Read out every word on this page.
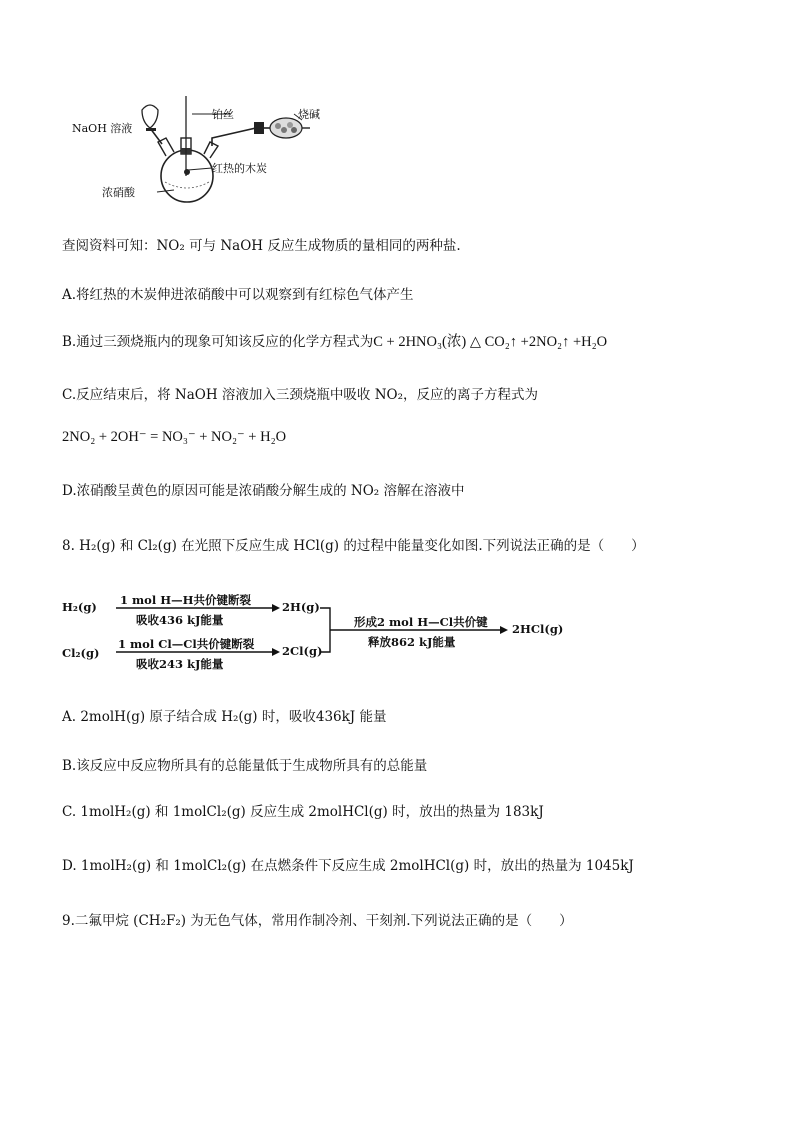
NaOH 溶液
铂丝	烧碱
红热的木炭
浓硝酸
查阅资料可知：NO₂ 可与 NaOH 反应生成物质的量相同的两种盐.
A.将红热的木炭伸进浓硝酸中可以观察到有红棕色气体产生
B.通过三颈烧瓶内的现象可知该反应的化学方程式为C + 2HNO₃(浓) △ CO₂↑ +2NO₂↑ +H₂O
C.反应结束后，将 NaOH 溶液加入三颈烧瓶中吸收 NO₂，反应的离子方程式为
2NO₂ + 2OH⁻ = NO₃⁻ + NO₂⁻ + H₂O
D.浓硝酸呈黄色的原因可能是浓硝酸分解生成的 NO₂ 溶解在溶液中
8. H₂(g) 和 Cl₂(g) 在光照下反应生成 HCl(g) 的过程中能量变化如图.下列说法正确的是（　　）
H₂(g) 1 mol H—H共价键断裂
吸收436 kJ能量
2H(g)
Cl₂(g)
1 mol Cl—Cl共价键断裂
吸收243 kJ能量
2Cl(g)
形成2 mol H—Cl共价键
释放862 kJ能量
2HCl(g)
A. 2molH(g) 原子结合成 H₂(g) 时，吸收436kJ 能量
B.该反应中反应物所具有的总能量低于生成物所具有的总能量
C. 1molH₂(g) 和 1molCl₂(g) 反应生成 2molHCl(g) 时，放出的热量为 183kJ
D. 1molH₂(g) 和 1molCl₂(g) 在点燃条件下反应生成 2molHCl(g) 时，放出的热量为 1045kJ
9.二氟甲烷 (CH₂F₂) 为无色气体，常用作制冷剂、干刻剂.下列说法正确的是（　　）
